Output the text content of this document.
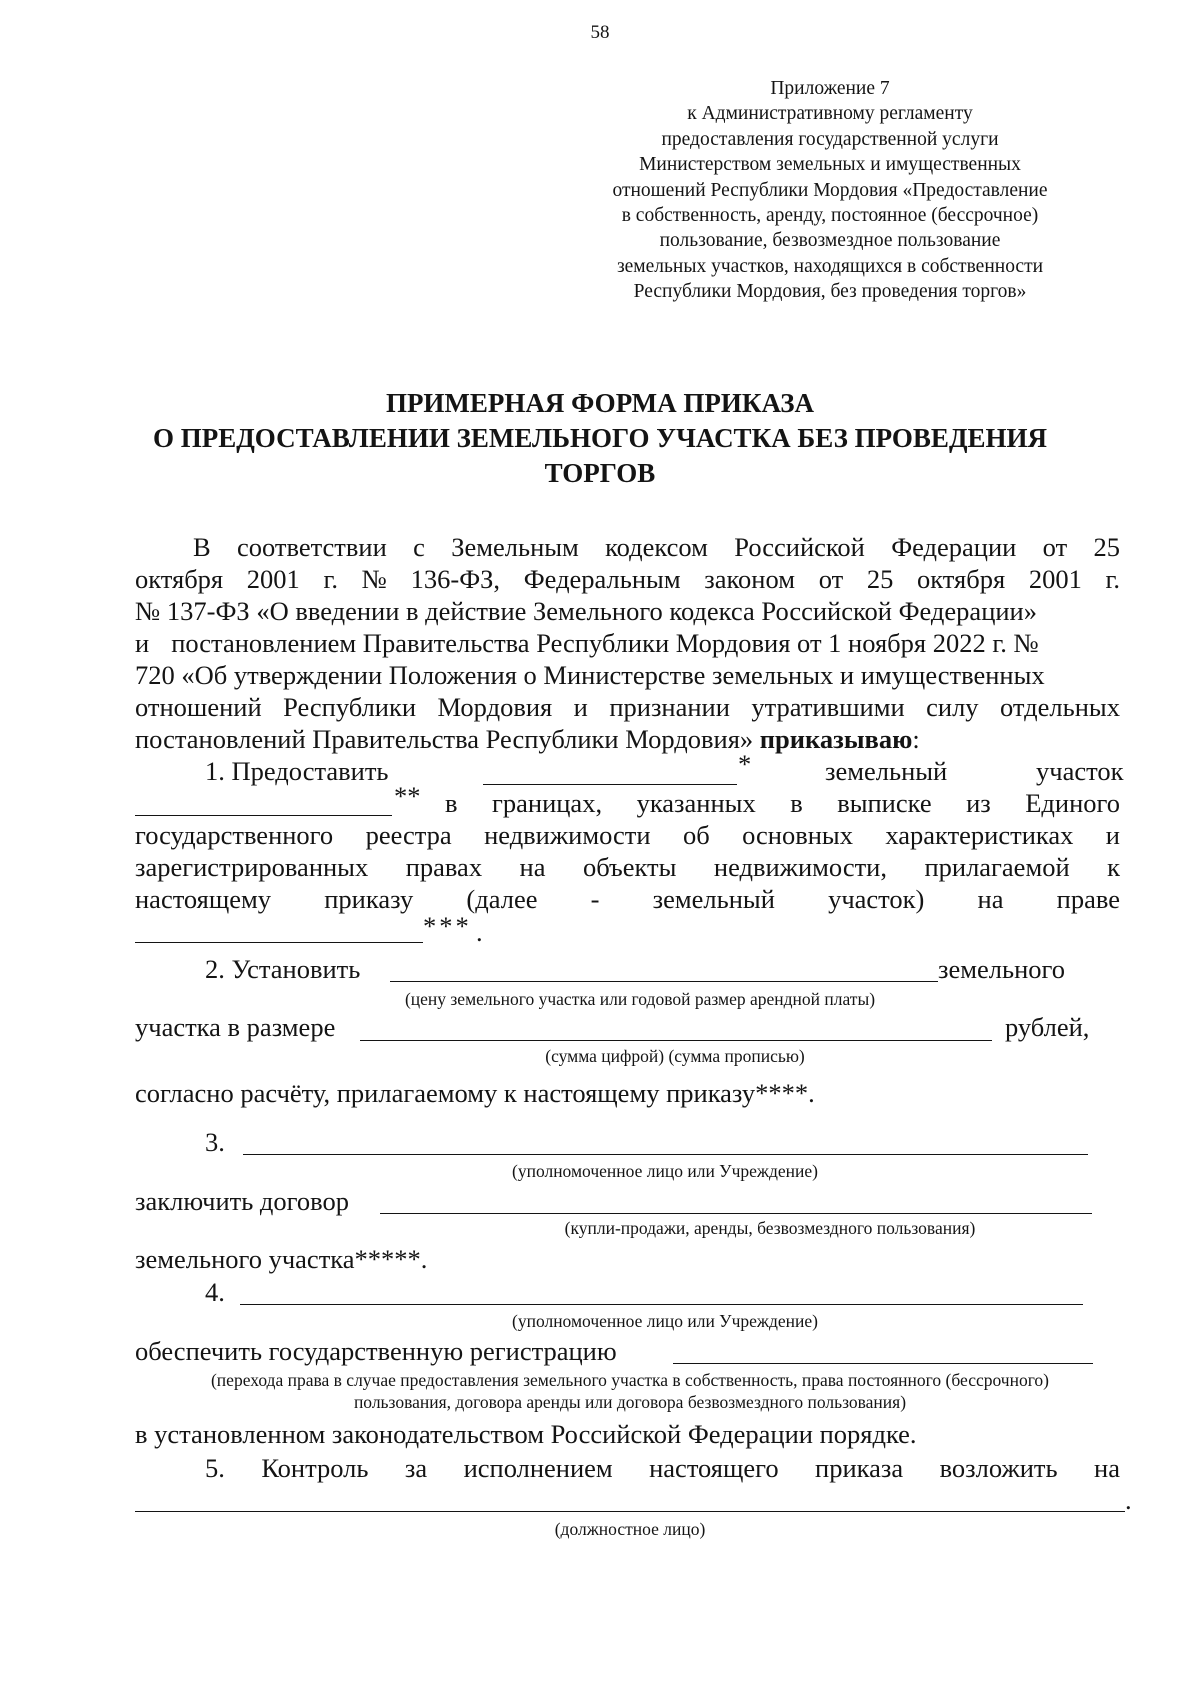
58
Приложение 7
к Административному регламенту
предоставления государственной услуги
Министерством земельных и имущественных
отношений Республики Мордовия «Предоставление
в собственность, аренду, постоянное (бессрочное)
пользование, безвозмездное пользование
земельных участков, находящихся в собственности
Республики Мордовия, без проведения торгов»
ПРИМЕРНАЯ ФОРМА ПРИКАЗА
О ПРЕДОСТАВЛЕНИИ ЗЕМЕЛЬНОГО УЧАСТКА БЕЗ ПРОВЕДЕНИЯ
ТОРГОВ
В соответствии с Земельным кодексом Российской Федерации от 25
октября 2001 г. № 136-ФЗ, Федеральным законом от 25 октября 2001 г.
№ 137-ФЗ «О введении в действие Земельного кодекса Российской Федерации»
и постановлением Правительства Республики Мордовия от 1 ноября 2022 г. №
720 «Об утверждении Положения о Министерстве земельных и имущественных
отношений Республики Мордовия и признании утратившими силу отдельных
постановлений Правительства Республики Мордовия» приказываю:
1. Предоставить	*	земельный	участок
** в границах, указанных в выписке из Единого
государственного реестра недвижимости об основных характеристиках и
зарегистрированных правах на объекты недвижимости, прилагаемой к
настоящему приказу (далее - земельный участок) на праве
*** .
2. Установить	земельного
(цену земельного участка или годовой размер арендной платы)
участка в размере	рублей,
(сумма цифрой) (сумма прописью)
согласно расчёту, прилагаемому к настоящему приказу****.
3.
(уполномоченное лицо или Учреждение)
заключить договор
(купли-продажи, аренды, безвозмездного пользования)
земельного участка*****.
4.
(уполномоченное лицо или Учреждение)
обеспечить государственную регистрацию
(перехода права в случае предоставления земельного участка в собственность, права постоянного (бессрочного)
пользования, договора аренды или договора безвозмездного пользования)
в установленном законодательством Российской Федерации порядке.
5. Контроль за исполнением настоящего приказа возложить на
.
(должностное лицо)
